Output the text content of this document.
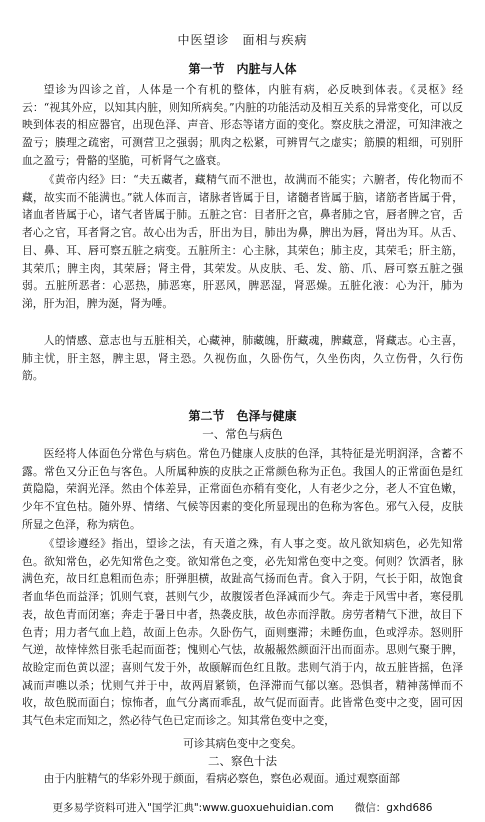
中医望诊　面相与疾病
第一节　内脏与人体

望诊为四诊之首，人体是一个有机的整体，内脏有病，必反映到体表。《灵枢》经云：“视其外应，以知其内脏，则知所病矣。”内脏的功能活动及相互关系的异常变化，可以反映到体表的相应器官，出现色泽、声音、形态等诸方面的变化。察皮肤之滑涩，可知津液之盈亏；腠理之疏密，可测营卫之强弱；肌肉之松紧，可辨胃气之虚实；筋膜的粗细，可别肝血之盈亏；骨骼的坚脆，可析肾气之盛衰。

《黄帝内经》曰：“夫五藏者，藏精气而不泄也，故满而不能实；六腑者，传化物而不藏，故实而不能满也。”就人体而言，诸脉者皆属于目，诸髓者皆属于脑，诸筋者皆属于骨，诸血者皆属于心，诸气者皆属于肺。五脏之官：目者肝之官，鼻者肺之官，唇者脾之官，舌者心之官，耳者肾之官。故心出为舌，肝出为目，肺出为鼻，脾出为唇，肾出为耳。从舌、目、鼻、耳、唇可察五脏之病变。五脏所主：心主脉，其荣色；肺主皮，其荣毛；肝主筋，其荣爪；脾主肉，其荣唇；肾主骨，其荣发。从皮肤、毛、发、筋、爪、唇可察五脏之强弱。五脏所恶者：心恶热，肺恶寒，肝恶风，脾恶湿，肾恶燥。五脏化液：心为汗，肺为涕，肝为泪，脾为涎，肾为唾。

人的情感、意志也与五脏相关，心藏神，肺藏魄，肝藏魂，脾藏意，肾藏志。心主喜，肺主忧，肝主怒，脾主思，肾主恐。久视伤血，久卧伤气，久坐伤肉，久立伤骨，久行伤筋。

第二节　色泽与健康
一、常色与病色

医经将人体面色分常色与病色。常色乃健康人皮肤的色泽，其特征是光明润泽，含蓄不露。常色又分正色与客色。人所属种族的皮肤之正常颜色称为正色。我国人的正常面色是红黄隐隐，荣润光泽。然由个体差异，正常面色亦稍有变化，人有老少之分，老人不宜色嫩，少年不宜色枯。随外界、情绪、气候等因素的变化所显现出的色称为客色。邪气入侵，皮肤所显之色泽，称为病色。

《望诊遵经》指出，望诊之法，有天道之殊，有人事之变。故凡欲知病色，必先知常色。欲知常色，必先知常色之变。欲知常色之变，必先知常色变中之变。何则？饮酒者，脉满色充，故日红息粗而色赤；肝弹胆横，故趾高气扬而色青。食入于阴，气长于阳，故饱食者血华色而益泽；饥则气衰，甚则气少，故腹馁者色泽减而少气。奔走于风雪中者，寒侵肌表，故色青而闭塞；奔走于暑日中者，热袭皮肤，故色赤而浮散。房劳者精气下泄，故目下色青；用力者气血上趋，故面上色赤。久卧伤气，面则壅滞；未睡伤血，色或浮赤。怒则肝气逆，故悻悻然目张毛起而面苍；愧则心气怯，故赧赧然颜面汗出而面赤。思则气聚于脾，故睑定而色黄以涩；喜则气发于外，故颐解而色红且散。悲则气消于内，故五脏皆摇，色泽减而声噍以杀；忧则气并于中，故两眉紧锁，色泽滞而气郁以塞。恐惧者，精神荡惮而不收，故色脱而面白；惊怖者，血气分离而乖乱，故气促而面青。此皆常色变中之变，固可因其气色未定而知之，然必待气色已定而诊之。知其常色变中之变，

可诊其病色变中之变矣。
二、察色十法

由于内脏精气的华彩外现于颜面，看病必察色，察色必观面。通过观察面部

更多易学资料可进入"国学汇典":www.guoxuehuidian.com　　微信：gxhd686
